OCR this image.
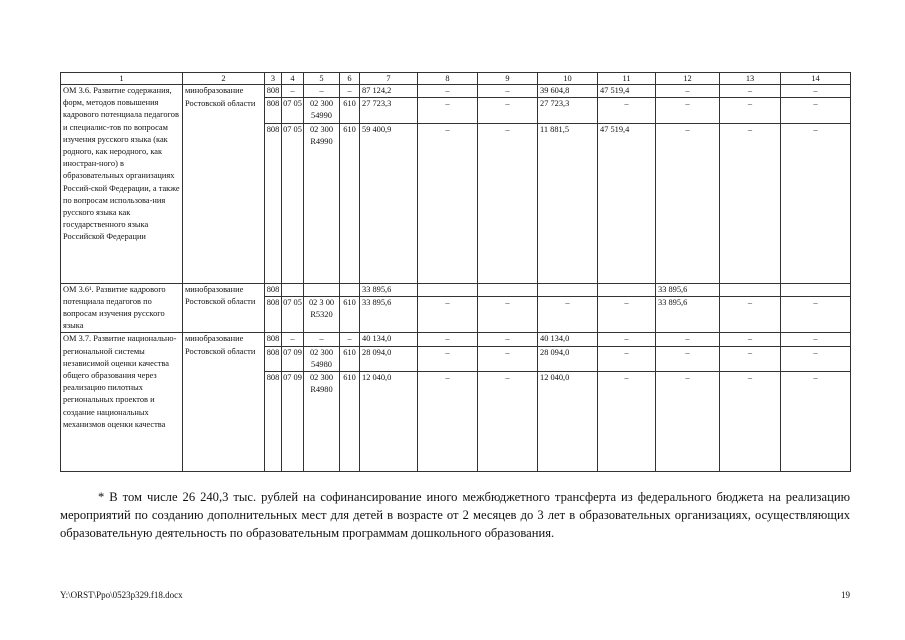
1	2	3	4	5	6	7	8	9	10	11	12	13	14
ОМ 3.6. Развитие содержания, форм, методов повышения кадрового потенциала педагогов и специалис-тов по вопросам изучения русского языка (как родного, как неродного, как иностран-ного) в образовательных организациях Россий-ской Федерации, а также по вопросам использова-ния русского языка как государственного языка Российской Федерации	минобразование	808	–	–	–	87 124,2	–	–	39 604,8	47 519,4	–	–	–
	Ростовской области	808	07 05	02 300 54990	610	27 723,3	–	–	27 723,3	–	–	–	–
		808	07 05	02 300 R4990	610	59 400,9	–	–	11 881,5	47 519,4	–	–	–
ОМ 3.6¹. Развитие кадрового потенциала педагогов по вопросам изучения русского языка	минобразование	808				33 895,6					33 895,6		
	Ростовской области	808	07 05	02 3 00 R5320	610	33 895,6	–	–	–	–	33 895,6	–	–
ОМ 3.7. Развитие национально-региональной системы независимой оценки качества общего образования через реализацию пилотных региональных проектов и создание национальных механизмов оценки качества	минобразование	808	–	–	–	40 134,0	–	–	40 134,0	–	–	–	–
	Ростовской области	808	07 09	02 300 54980	610	28 094,0	–	–	28 094,0	–	–	–	–
		808	07 09	02 300 R4980	610	12 040,0	–	–	12 040,0	–	–	–	–
* В том числе 26 240,3 тыс. рублей на софинансирование иного межбюджетного трансферта из федерального бюджета на реализацию мероприятий по созданию дополнительных мест для детей в возрасте от 2 месяцев до 3 лет в образовательных организациях, осуществляющих образовательную деятельность по образовательным программам дошкольного образования.
Y:\ORST\Ppo\0523p329.f18.docx	19
